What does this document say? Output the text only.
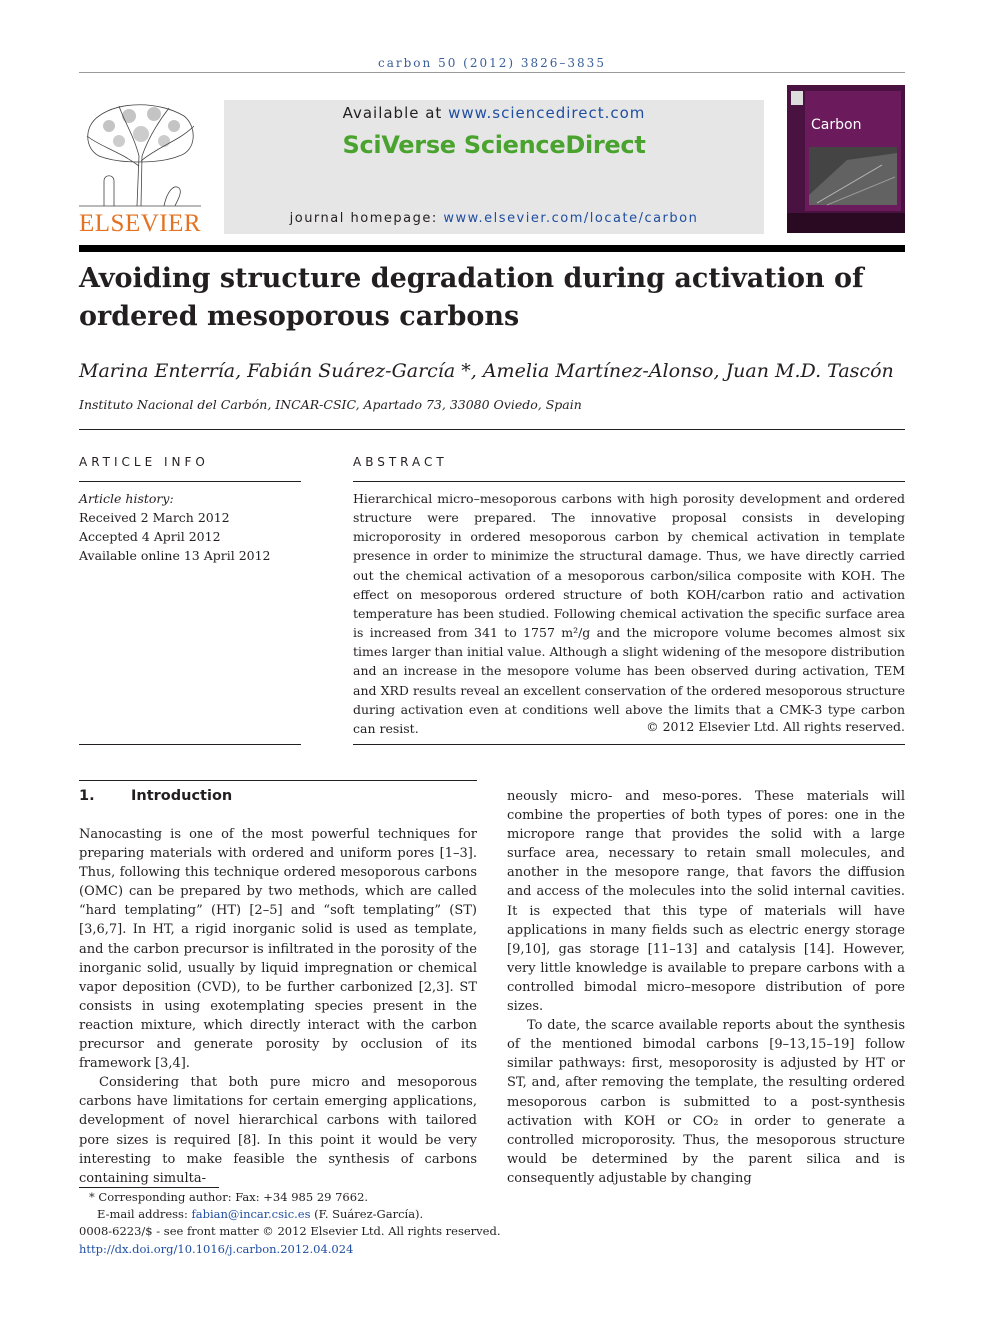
carbon 50 (2012) 3826–3835
ELSEVIER
Available at www.sciencedirect.com
SciVerse ScienceDirect
journal homepage: www.elsevier.com/locate/carbon
Carbon
Avoiding structure degradation during activation of ordered mesoporous carbons
Marina Enterría, Fabián Suárez-García *, Amelia Martínez-Alonso, Juan M.D. Tascón
Instituto Nacional del Carbón, INCAR-CSIC, Apartado 73, 33080 Oviedo, Spain
ARTICLE INFO
Article history:
Received 2 March 2012
Accepted 4 April 2012
Available online 13 April 2012
ABSTRACT
Hierarchical micro–mesoporous carbons with high porosity development and ordered structure were prepared. The innovative proposal consists in developing microporosity in ordered mesoporous carbon by chemical activation in template presence in order to minimize the structural damage. Thus, we have directly carried out the chemical activation of a mesoporous carbon/silica composite with KOH. The effect on mesoporous ordered structure of both KOH/carbon ratio and activation temperature has been studied. Following chemical activation the specific surface area is increased from 341 to 1757 m²/g and the micropore volume becomes almost six times larger than initial value. Although a slight widening of the mesopore distribution and an increase in the mesopore volume has been observed during activation, TEM and XRD results reveal an excellent conservation of the ordered mesoporous structure during activation even at conditions well above the limits that a CMK-3 type carbon can resist.	© 2012 Elsevier Ltd. All rights reserved.
1.	Introduction

Nanocasting is one of the most powerful techniques for preparing materials with ordered and uniform pores [1–3]. Thus, following this technique ordered mesoporous carbons (OMC) can be prepared by two methods, which are called “hard templating” (HT) [2–5] and “soft templating” (ST) [3,6,7]. In HT, a rigid inorganic solid is used as template, and the carbon precursor is infiltrated in the porosity of the inorganic solid, usually by liquid impregnation or chemical vapor deposition (CVD), to be further carbonized [2,3]. ST consists in using exotemplating species present in the reaction mixture, which directly interact with the carbon precursor and generate porosity by occlusion of its framework [3,4].

Considering that both pure micro and mesoporous carbons have limitations for certain emerging applications, development of novel hierarchical carbons with tailored pore sizes is required [8]. In this point it would be very interesting to make feasible the synthesis of carbons containing simulta-

neously micro- and meso-pores. These materials will combine the properties of both types of pores: one in the micropore range that provides the solid with a large surface area, necessary to retain small molecules, and another in the mesopore range, that favors the diffusion and access of the molecules into the solid internal cavities. It is expected that this type of materials will have applications in many fields such as electric energy storage [9,10], gas storage [11–13] and catalysis [14]. However, very little knowledge is available to prepare carbons with a controlled bimodal micro–mesopore distribution of pore sizes.

To date, the scarce available reports about the synthesis of the mentioned bimodal carbons [9–13,15–19] follow similar pathways: first, mesoporosity is adjusted by HT or ST, and, after removing the template, the resulting ordered mesoporous carbon is submitted to a post-synthesis activation with KOH or CO₂ in order to generate a controlled microporosity. Thus, the mesoporous structure would be determined by the parent silica and is consequently adjustable by changing

* Corresponding author: Fax: +34 985 29 7662.
E-mail address: fabian@incar.csic.es (F. Suárez-García).
0008-6223/$ - see front matter © 2012 Elsevier Ltd. All rights reserved.
http://dx.doi.org/10.1016/j.carbon.2012.04.024
